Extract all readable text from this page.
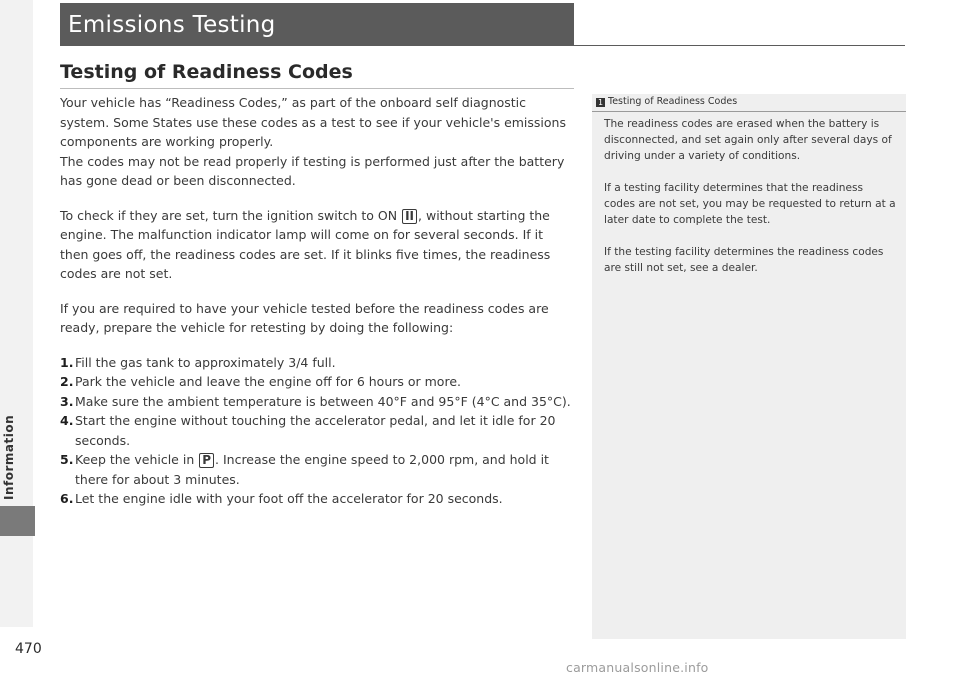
Emissions Testing
Testing of Readiness Codes

Your vehicle has “Readiness Codes,” as part of the onboard self diagnostic system. Some States use these codes as a test to see if your vehicle's emissions components are working properly.

The codes may not be read properly if testing is performed just after the battery has gone dead or been disconnected.

To check if they are set, turn the ignition switch to ON II , without starting the engine. The malfunction indicator lamp will come on for several seconds. If it then goes off, the readiness codes are set. If it blinks five times, the readiness codes are not set.

If you are required to have your vehicle tested before the readiness codes are ready, prepare the vehicle for retesting by doing the following:

1. Fill the gas tank to approximately 3/4 full.
2. Park the vehicle and leave the engine off for 6 hours or more.
3. Make sure the ambient temperature is between 40°F and 95°F (4°C and 35°C).
4. Start the engine without touching the accelerator pedal, and let it idle for 20 seconds.
5. Keep the vehicle in P . Increase the engine speed to 2,000 rpm, and hold it there for about 3 minutes.
6. Let the engine idle with your foot off the accelerator for 20 seconds.
1 Testing of Readiness Codes

The readiness codes are erased when the battery is disconnected, and set again only after several days of driving under a variety of conditions.

If a testing facility determines that the readiness codes are not set, you may be requested to return at a later date to complete the test.

If the testing facility determines the readiness codes are still not set, see a dealer.

470
carmanualsonline.info
